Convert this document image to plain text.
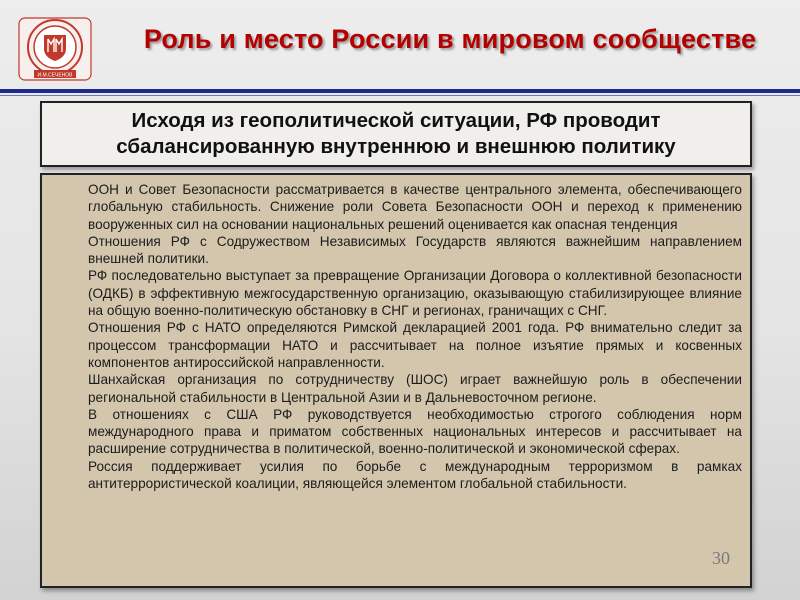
И.М.СЕЧЕНОВ
Роль и место России в мировом сообществе
Исходя из геополитической ситуации, РФ проводит
сбалансированную внутреннюю и внешнюю политику
ООН и Совет Безопасности рассматривается в качестве центрального элемента, обеспечивающего глобальную стабильность. Снижение роли Совета Безопасности ООН и переход к применению вооруженных сил на основании национальных решений оценивается как опасная тенденция
Отношения РФ с Содружеством Независимых Государств являются важнейшим направлением внешней политики.
РФ последовательно выступает за превращение Организации Договора о коллективной безопасности (ОДКБ) в эффективную межгосударственную организацию, оказывающую стабилизирующее влияние на общую военно-политическую обстановку в СНГ и регионах, граничащих с СНГ.
Отношения РФ с НАТО определяются Римской декларацией 2001 года. РФ внимательно следит за процессом трансформации НАТО и рассчитывает на полное изъятие прямых и косвенных компонентов антироссийской направленности.
Шанхайская организация по сотрудничеству (ШОС) играет важнейшую роль в обеспечении региональной стабильности в Центральной Азии и в Дальневосточном регионе.
В отношениях с США РФ руководствуется необходимостью строгого соблюдения норм международного права и приматом собственных национальных интересов и рассчитывает на расширение сотрудничества в политической, военно-политической и экономической сферах.
Россия поддерживает усилия по борьбе с международным терроризмом в рамках антитеррористической коалиции, являющейся элементом глобальной стабильности.
30
